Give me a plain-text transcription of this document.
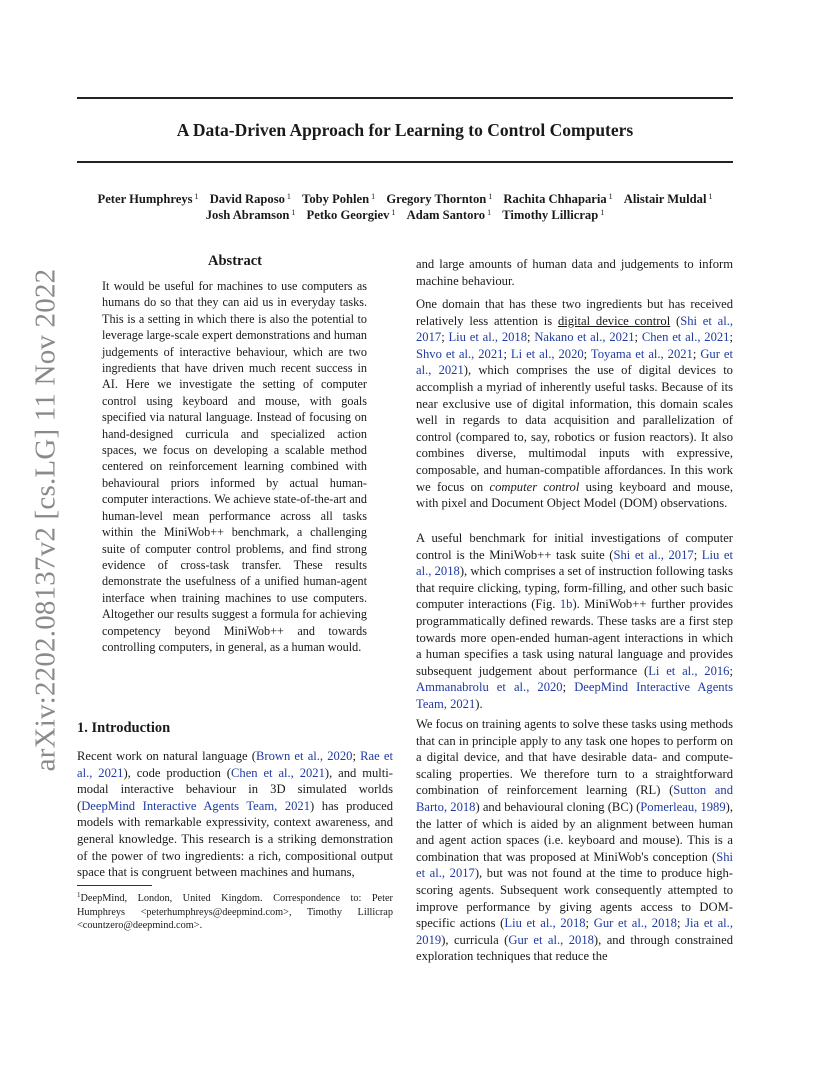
A Data-Driven Approach for Learning to Control Computers
Peter Humphreys $^1$ David Raposo $^1$ Toby Pohlen $^1$ Gregory Thornton $^1$ Rachita Chhaparia $^1$ Alistair Muldal $^1$
Josh Abramson $^1$ Petko Georgiev $^1$ Adam Santoro $^1$ Timothy Lillicrap $^1$
arXiv:2202.08137v2 [cs.LG] 11 Nov 2022
Abstract

It would be useful for machines to use computers as humans do so that they can aid us in everyday tasks. This is a setting in which there is also the potential to leverage large-scale expert demonstrations and human judgements of interactive behaviour, which are two ingredients that have driven much recent success in AI. Here we investigate the setting of computer control using keyboard and mouse, with goals specified via natural language. Instead of focusing on hand-designed curricula and specialized action spaces, we focus on developing a scalable method centered on reinforcement learning combined with behavioural priors informed by actual human-computer interactions. We achieve state-of-the-art and human-level mean performance across all tasks within the MiniWob++ benchmark, a challenging suite of computer control problems, and find strong evidence of cross-task transfer. These results demonstrate the usefulness of a unified human-agent interface when training machines to use computers. Altogether our results suggest a formula for achieving competency beyond MiniWob++ and towards controlling computers, in general, as a human would.

1. Introduction

Recent work on natural language (Brown et al., 2020; Rae et al., 2021), code production (Chen et al., 2021), and multi-modal interactive behaviour in 3D simulated worlds (DeepMind Interactive Agents Team, 2021) has produced models with remarkable expressivity, context awareness, and general knowledge. This research is a striking demonstration of the power of two ingredients: a rich, compositional output space that is congruent between machines and humans,

$^1$DeepMind, London, United Kingdom. Correspondence to: Peter Humphreys <peterhumphreys@deepmind.com>, Timothy Lillicrap <countzero@deepmind.com>.

and large amounts of human data and judgements to inform machine behaviour.

One domain that has these two ingredients but has received relatively less attention is digital device control (Shi et al., 2017; Liu et al., 2018; Nakano et al., 2021; Chen et al., 2021; Shvo et al., 2021; Li et al., 2020; Toyama et al., 2021; Gur et al., 2021), which comprises the use of digital devices to accomplish a myriad of inherently useful tasks. Because of its near exclusive use of digital information, this domain scales well in regards to data acquisition and parallelization of control (compared to, say, robotics or fusion reactors). It also combines diverse, multimodal inputs with expressive, composable, and human-compatible affordances. In this work we focus on computer control using keyboard and mouse, with pixel and Document Object Model (DOM) observations.

A useful benchmark for initial investigations of computer control is the MiniWob++ task suite (Shi et al., 2017; Liu et al., 2018), which comprises a set of instruction following tasks that require clicking, typing, form-filling, and other such basic computer interactions (Fig. 1b). MiniWob++ further provides programmatically defined rewards. These tasks are a first step towards more open-ended human-agent interactions in which a human specifies a task using natural language and provides subsequent judgement about performance (Li et al., 2016; Ammanabrolu et al., 2020; DeepMind Interactive Agents Team, 2021).

We focus on training agents to solve these tasks using methods that can in principle apply to any task one hopes to perform on a digital device, and that have desirable data- and compute-scaling properties. We therefore turn to a straightforward combination of reinforcement learning (RL) (Sutton and Barto, 2018) and behavioural cloning (BC) (Pomerleau, 1989), the latter of which is aided by an alignment between human and agent action spaces (i.e. keyboard and mouse). This is a combination that was proposed at MiniWob's conception (Shi et al., 2017), but was not found at the time to produce high-scoring agents. Subsequent work consequently attempted to improve performance by giving agents access to DOM-specific actions (Liu et al., 2018; Gur et al., 2018; Jia et al., 2019), curricula (Gur et al., 2018), and through constrained exploration techniques that reduce the
